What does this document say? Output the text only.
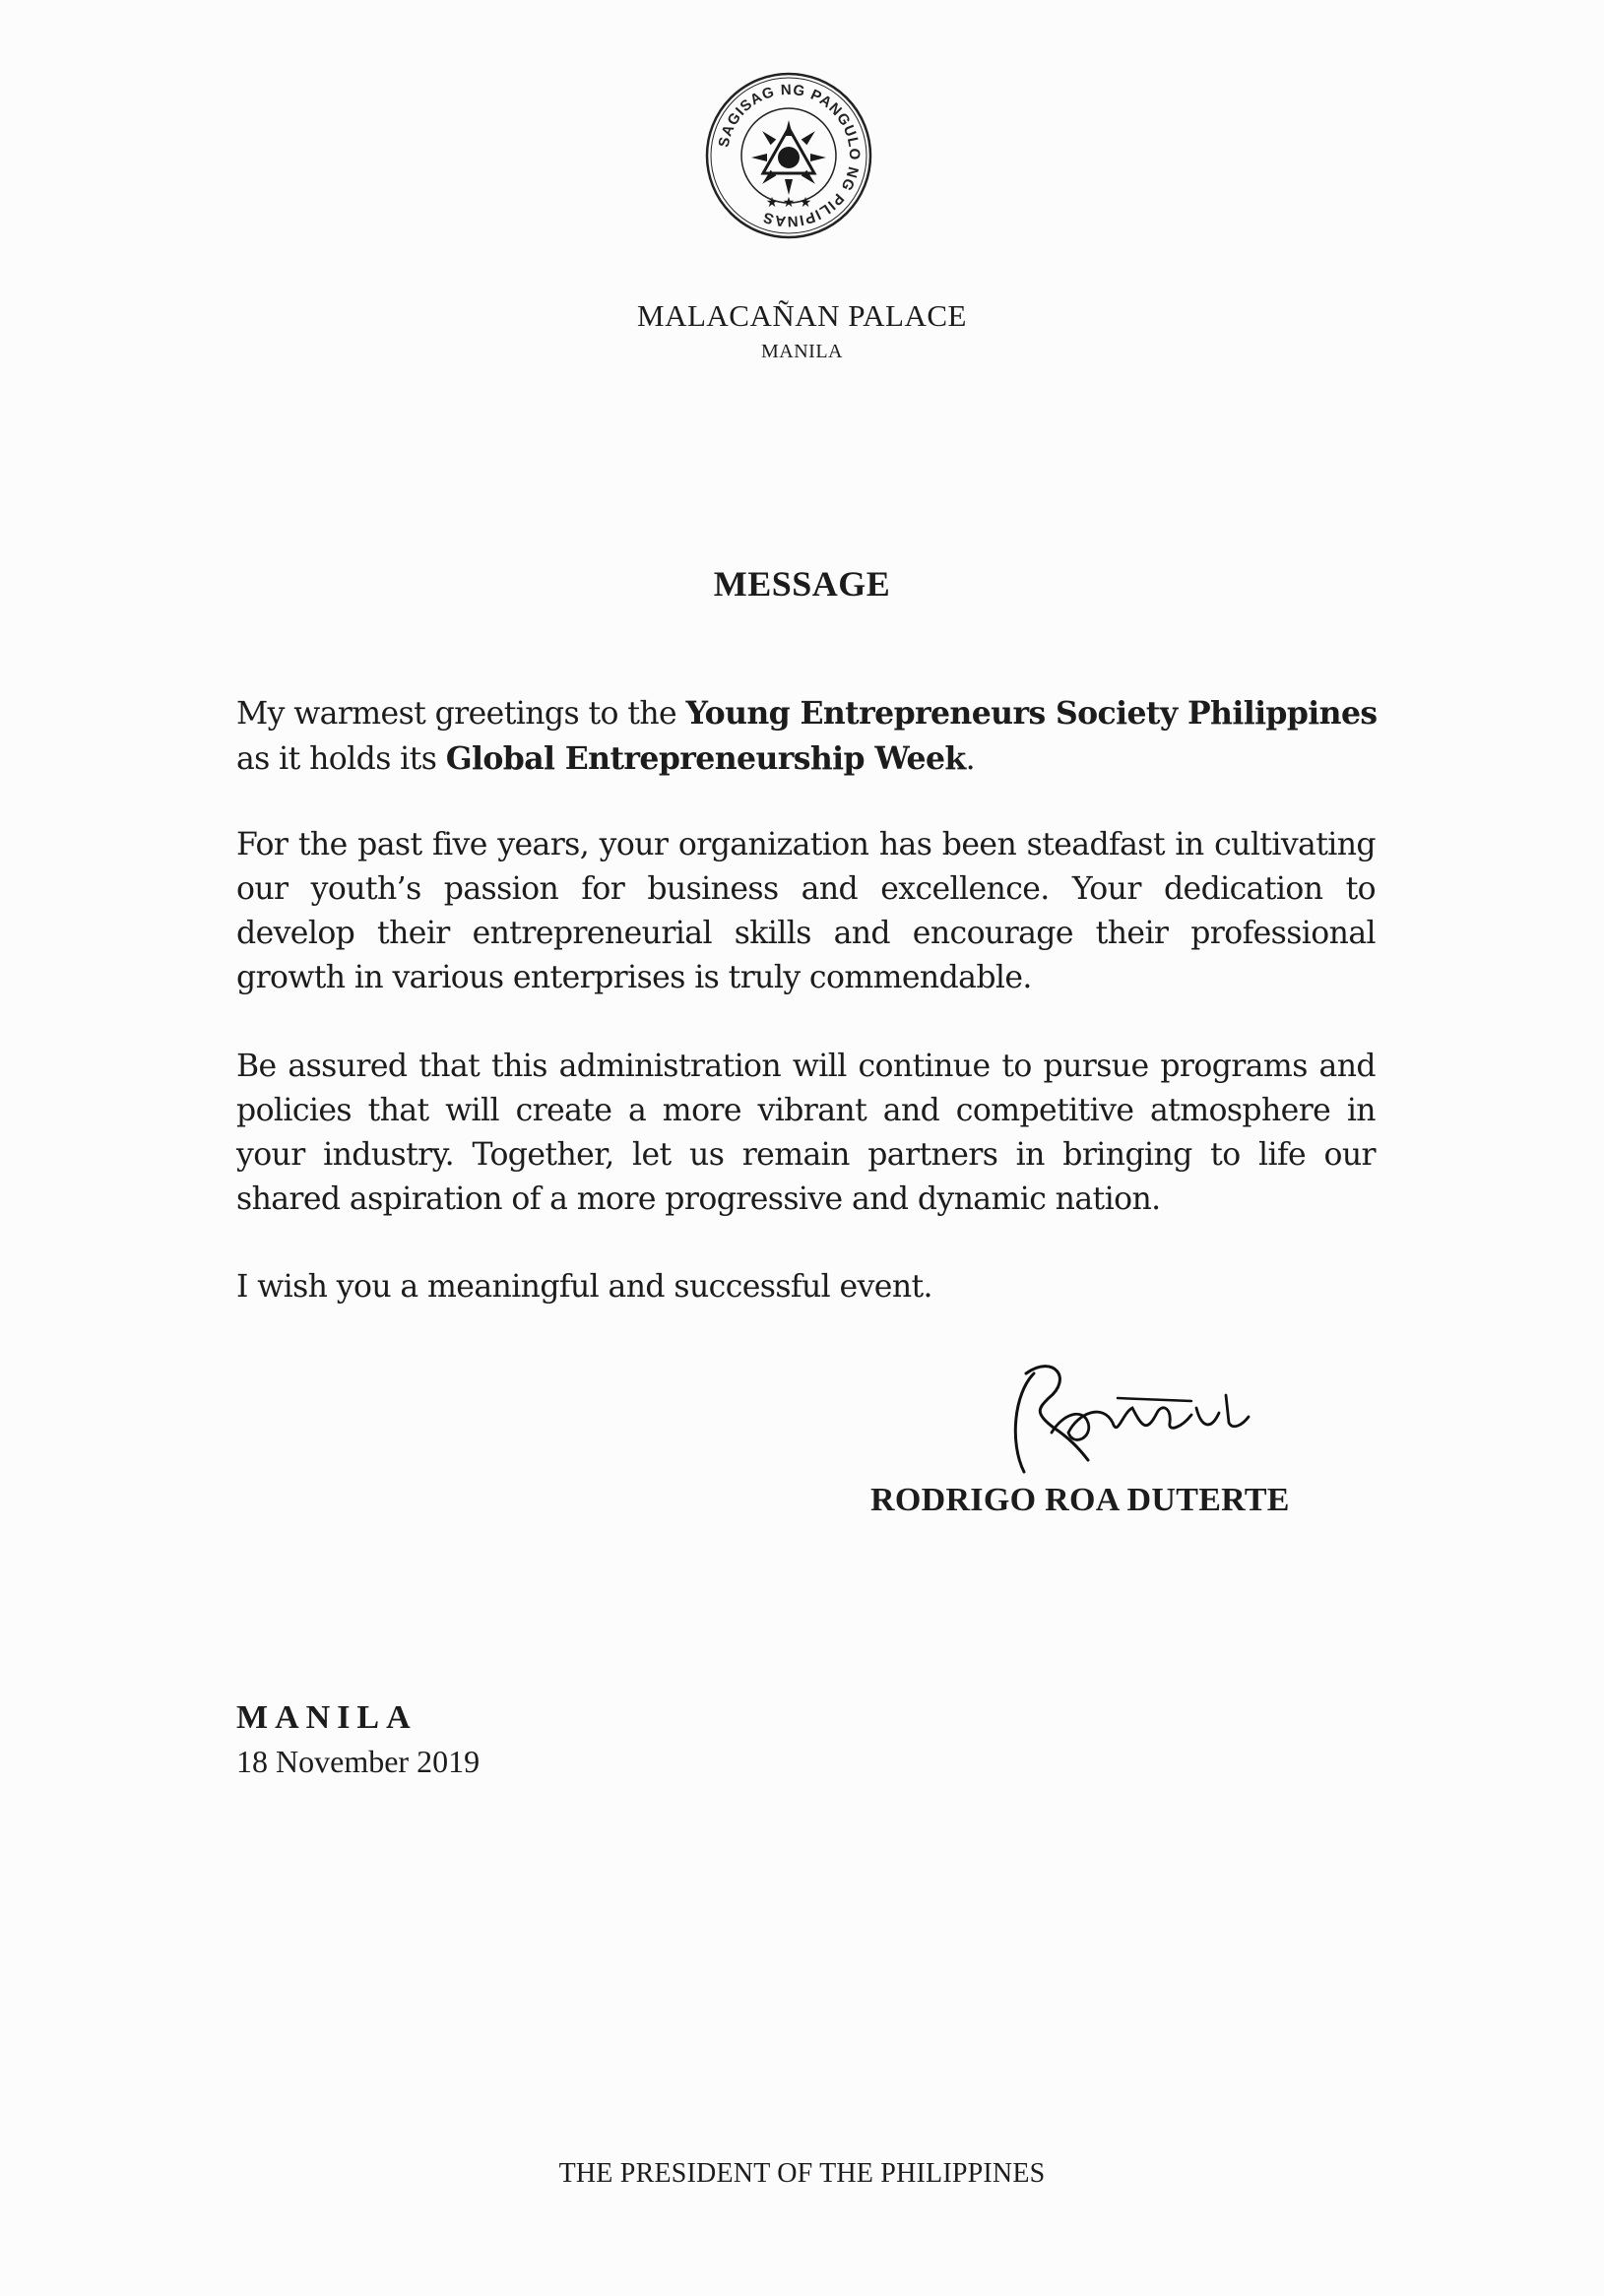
SAGISAG NG PANGULO NG PILIPINAS
★ ★ ★
MALACAÑAN PALACE
MANILA
MESSAGE
My warmest greetings to the Young Entrepreneurs Society Philippines
as it holds its Global Entrepreneurship Week.
For the past five years, your organization has been steadfast in cultivating
our youth’s passion for business and excellence. Your dedication to
develop their entrepreneurial skills and encourage their professional
growth in various enterprises is truly commendable.
Be assured that this administration will continue to pursue programs and
policies that will create a more vibrant and competitive atmosphere in
your industry. Together, let us remain partners in bringing to life our
shared aspiration of a more progressive and dynamic nation.
I wish you a meaningful and successful event.
RODRIGO ROA DUTERTE
MANILA
18 November 2019
THE PRESIDENT OF THE PHILIPPINES
